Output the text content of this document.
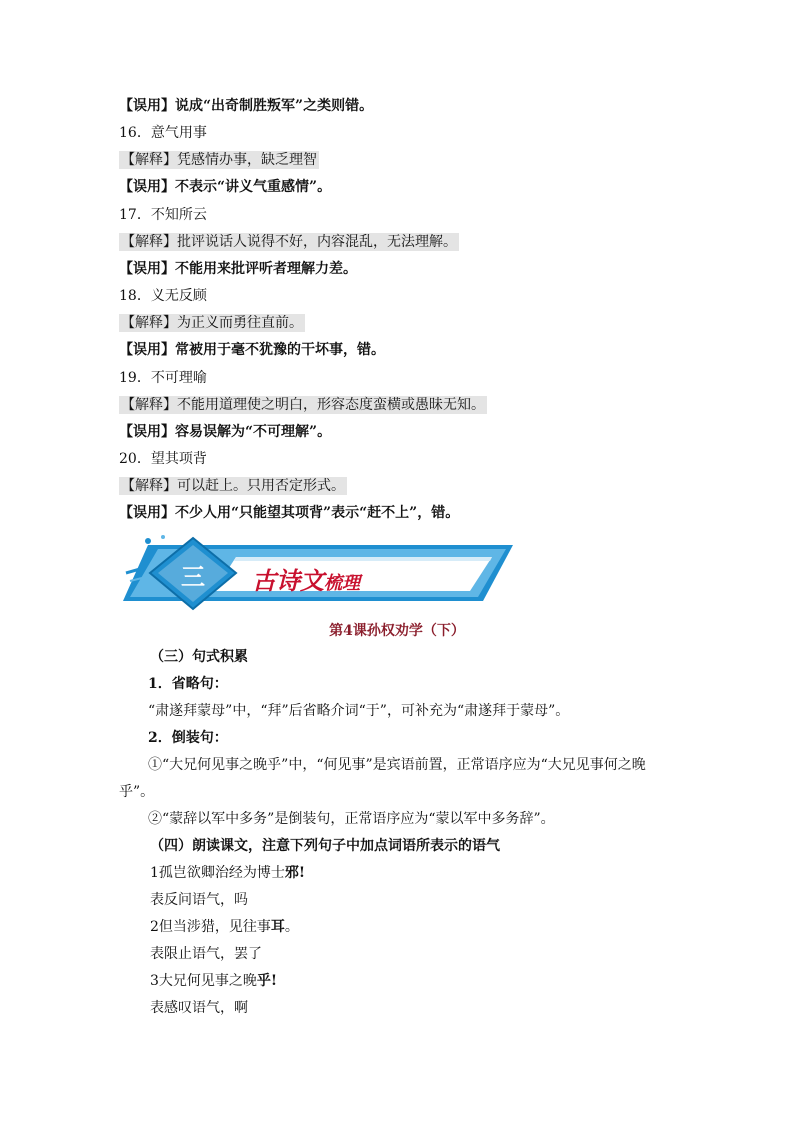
【误用】说成“出奇制胜叛军”之类则错。
16．意气用事
【解释】凭感情办事，缺乏理智
【误用】不表示“讲义气重感情”。
17．不知所云
【解释】批评说话人说得不好，内容混乱，无法理解。
【误用】不能用来批评听者理解力差。
18．义无反顾
【解释】为正义而勇往直前。
【误用】常被用于毫不犹豫的干坏事，错。
19．不可理喻
【解释】不能用道理使之明白，形容态度蛮横或愚昧无知。
【误用】容易误解为“不可理解”。
20．望其项背
【解释】可以赶上。只用否定形式。
【误用】不少人用“只能望其项背”表示“赶不上”，错。
三 古诗文梳理
第4课孙权劝学（下）
（三）句式积累
1．省略句：
“肃遂拜蒙母”中，“拜”后省略介词“于”，可补充为“肃遂拜于蒙母”。
2．倒装句：
①“大兄何见事之晚乎”中，“何见事”是宾语前置，正常语序应为“大兄见事何之晚
乎”。
②“蒙辞以军中多务”是倒装句，正常语序应为“蒙以军中多务辞”。
（四）朗读课文，注意下列句子中加点词语所表示的语气
1孤岂欲卿治经为博士邪!
表反问语气，吗
2但当涉猎，见往事耳。
表限止语气，罢了
3大兄何见事之晚乎!
表感叹语气，啊
